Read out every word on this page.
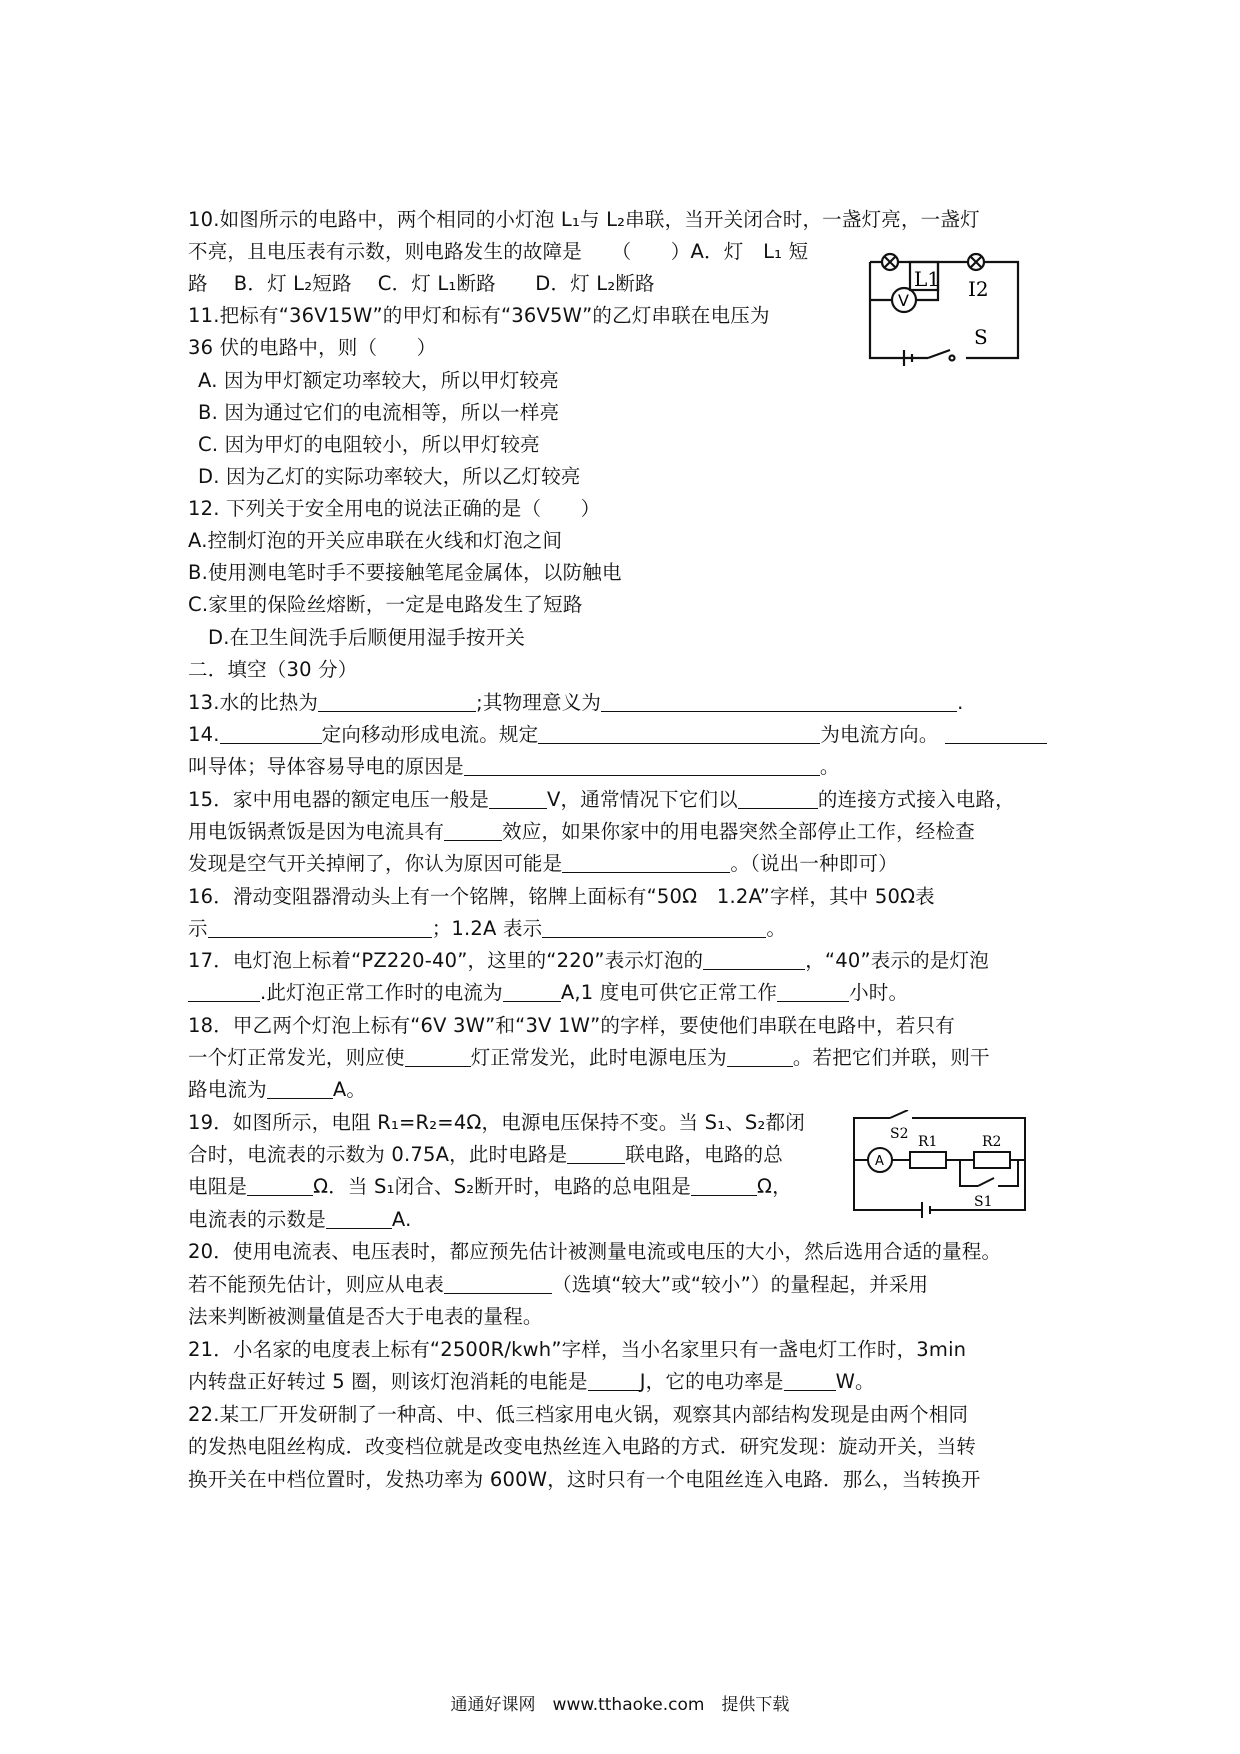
10.如图所示的电路中，两个相同的小灯泡 L₁与 L₂串联，当开关闭合时，一盏灯亮，一盏灯
不亮，且电压表有示数，则电路发生的故障是　　（　　）A．灯　L₁ 短
路　 B．灯 L₂短路　 C．灯 L₁断路　　D．灯 L₂断路
11.把标有“36V15W”的甲灯和标有“36V5W”的乙灯串联在电压为
36 伏的电路中，则（　　）
A. 因为甲灯额定功率较大，所以甲灯较亮
B. 因为通过它们的电流相等，所以一样亮
C. 因为甲灯的电阻较小，所以甲灯较亮
D. 因为乙灯的实际功率较大，所以乙灯较亮
12. 下列关于安全用电的说法正确的是（　　）
A.控制灯泡的开关应串联在火线和灯泡之间
B.使用测电笔时手不要接触笔尾金属体，以防触电
C.家里的保险丝熔断，一定是电路发生了短路
D.在卫生间洗手后顺便用湿手按开关
二．填空（30 分）
13.水的比热为	;其物理意义为	.
14.	定向移动形成电流。规定	为电流方向。
叫导体；导体容易导电的原因是	。
15．家中用电器的额定电压一般是	V，通常情况下它们以	的连接方式接入电路，
用电饭锅煮饭是因为电流具有	效应，如果你家中的用电器突然全部停止工作，经检查
发现是空气开关掉闸了，你认为原因可能是	。（说出一种即可）
16．滑动变阻器滑动头上有一个铭牌，铭牌上面标有“50Ω　1.2A”字样，其中 50Ω表
示	；1.2A 表示	。
17．电灯泡上标着“PZ220-40”，这里的“220”表示灯泡的	，“40”表示的是灯泡
.此灯泡正常工作时的电流为	A,1 度电可供它正常工作	小时。
18．甲乙两个灯泡上标有“6V 3W”和“3V 1W”的字样，要使他们串联在电路中，若只有
一个灯正常发光，则应使	灯正常发光，此时电源电压为	。若把它们并联，则干
路电流为	A。
19．如图所示，电阻 R₁=R₂=4Ω，电源电压保持不变。当 S₁、S₂都闭
合时，电流表的示数为 0.75A，此时电路是	联电路，电路的总
电阻是	Ω．当 S₁闭合、S₂断开时，电路的总电阻是	Ω，
电流表的示数是	A.
20．使用电流表、电压表时，都应预先估计被测量电流或电压的大小，然后选用合适的量程。
若不能预先估计，则应从电表	（选填“较大”或“较小”）的量程起，并采用
法来判断被测量值是否大于电表的量程。
21．小名家的电度表上标有“2500R/kwh”字样，当小名家里只有一盏电灯工作时，3min
内转盘正好转过 5 圈，则该灯泡消耗的电能是	J，它的电功率是	W。
22.某工厂开发研制了一种高、中、低三档家用电火锅，观察其内部结构发现是由两个相同
的发热电阻丝构成．改变档位就是改变电热丝连入电路的方式．研究发现：旋动开关，当转
换开关在中档位置时，发热功率为 600W，这时只有一个电阻丝连入电路．那么，当转换开
L1 I2
V
S
S2 R1	R2
A
S1
通通好课网　www.tthaoke.com　提供下载
